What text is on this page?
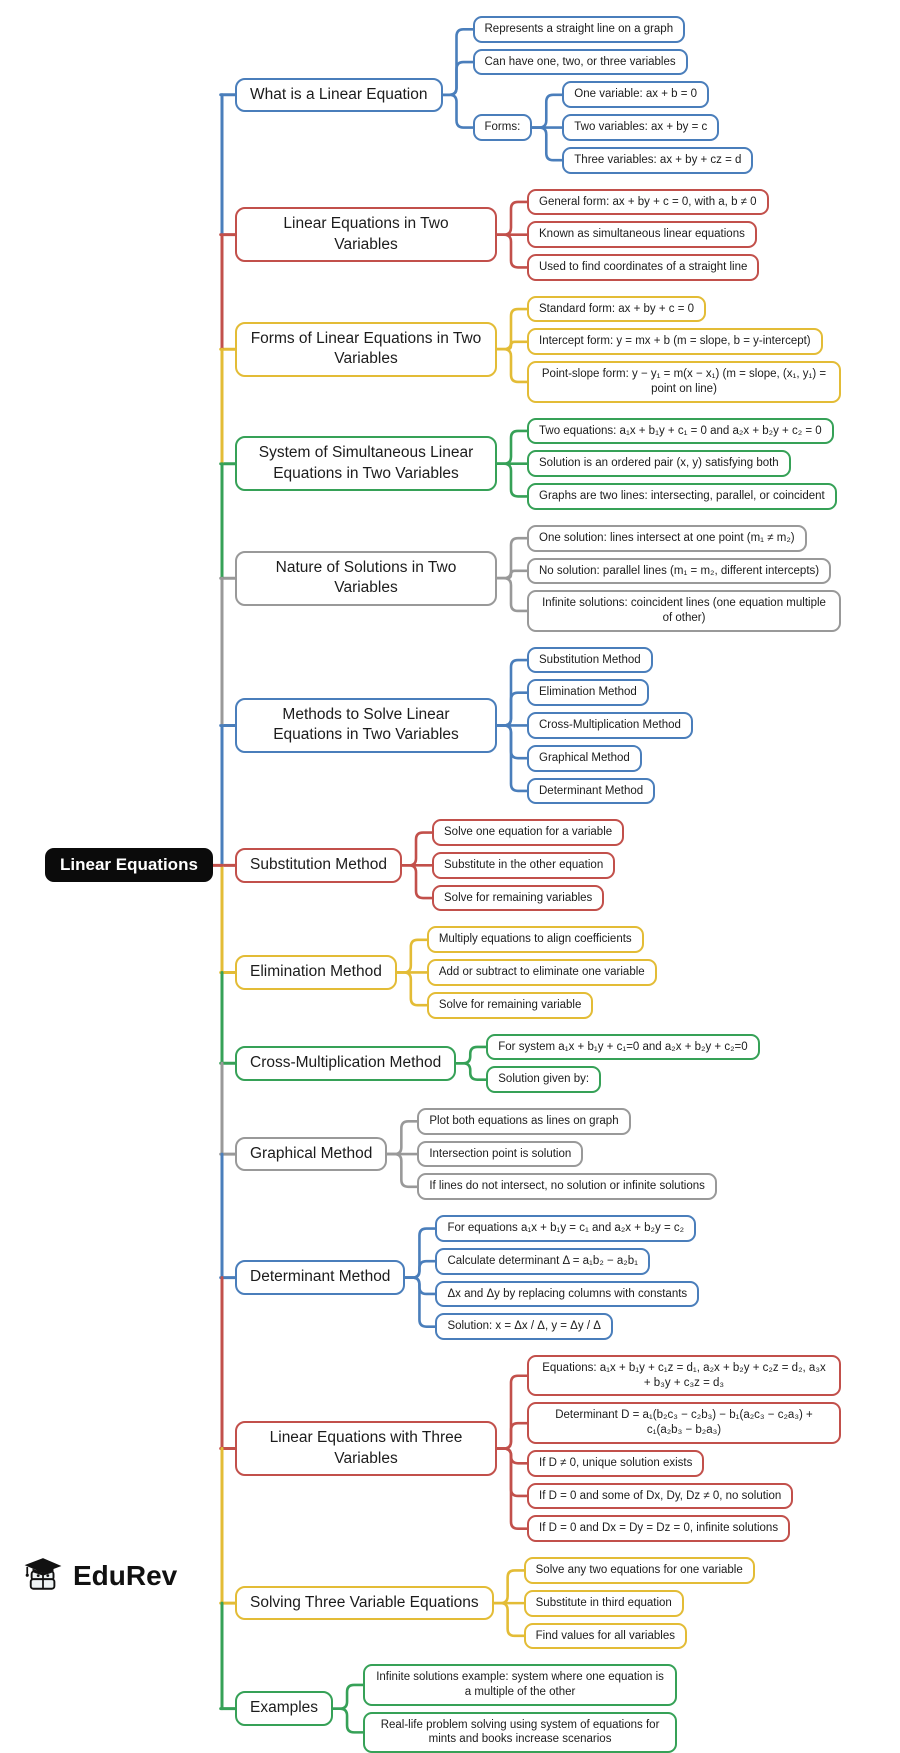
What is a Linear Equation
Represents a straight line on a graph
Can have one, two, or three variables
Forms:
One variable: ax + b = 0
Two variables: ax + by = c
Three variables: ax + by + cz = d
Linear Equations in Two Variables
General form: ax + by + c = 0, with a, b ≠ 0
Known as simultaneous linear equations
Used to find coordinates of a straight line
Forms of Linear Equations in Two Variables
Standard form: ax + by + c = 0
Intercept form: y = mx + b (m = slope, b = y-intercept)
Point-slope form: y − y₁ = m(x − x₁) (m = slope, (x₁, y₁) = point on line)
System of Simultaneous Linear Equations in Two Variables
Two equations: a₁x + b₁y + c₁ = 0 and a₂x + b₂y + c₂ = 0
Solution is an ordered pair (x, y) satisfying both
Graphs are two lines: intersecting, parallel, or coincident
Nature of Solutions in Two Variables
One solution: lines intersect at one point (m₁ ≠ m₂)
No solution: parallel lines (m₁ = m₂, different intercepts)
Infinite solutions: coincident lines (one equation multiple of other)
Methods to Solve Linear Equations in Two Variables
Substitution Method
Elimination Method
Cross-Multiplication Method
Graphical Method
Determinant Method
Substitution Method
Solve one equation for a variable
Substitute in the other equation
Solve for remaining variables
Elimination Method
Multiply equations to align coefficients
Add or subtract to eliminate one variable
Solve for remaining variable
Cross-Multiplication Method
For system a₁x + b₁y + c₁=0 and a₂x + b₂y + c₂=0
Solution given by:
Graphical Method
Plot both equations as lines on graph
Intersection point is solution
If lines do not intersect, no solution or infinite solutions
Determinant Method
For equations a₁x + b₁y = c₁ and a₂x + b₂y = c₂
Calculate determinant Δ = a₁b₂ − a₂b₁
Δx and Δy by replacing columns with constants
Solution: x = Δx / Δ, y = Δy / Δ
Linear Equations with Three Variables
Equations: a₁x + b₁y + c₁z = d₁, a₂x + b₂y + c₂z = d₂, a₃x + b₃y + c₃z = d₃
Determinant D = a₁(b₂c₃ − c₂b₃) − b₁(a₂c₃ − c₂a₃) + c₁(a₂b₃ − b₂a₃)
If D ≠ 0, unique solution exists
If D = 0 and some of Dx, Dy, Dz ≠ 0, no solution
If D = 0 and Dx = Dy = Dz = 0, infinite solutions
Solving Three Variable Equations
Solve any two equations for one variable
Substitute in third equation
Find values for all variables
Examples
Infinite solutions example: system where one equation is a multiple of the other
Real-life problem solving using system of equations for mints and books increase scenarios
Linear Equations
EduRev
